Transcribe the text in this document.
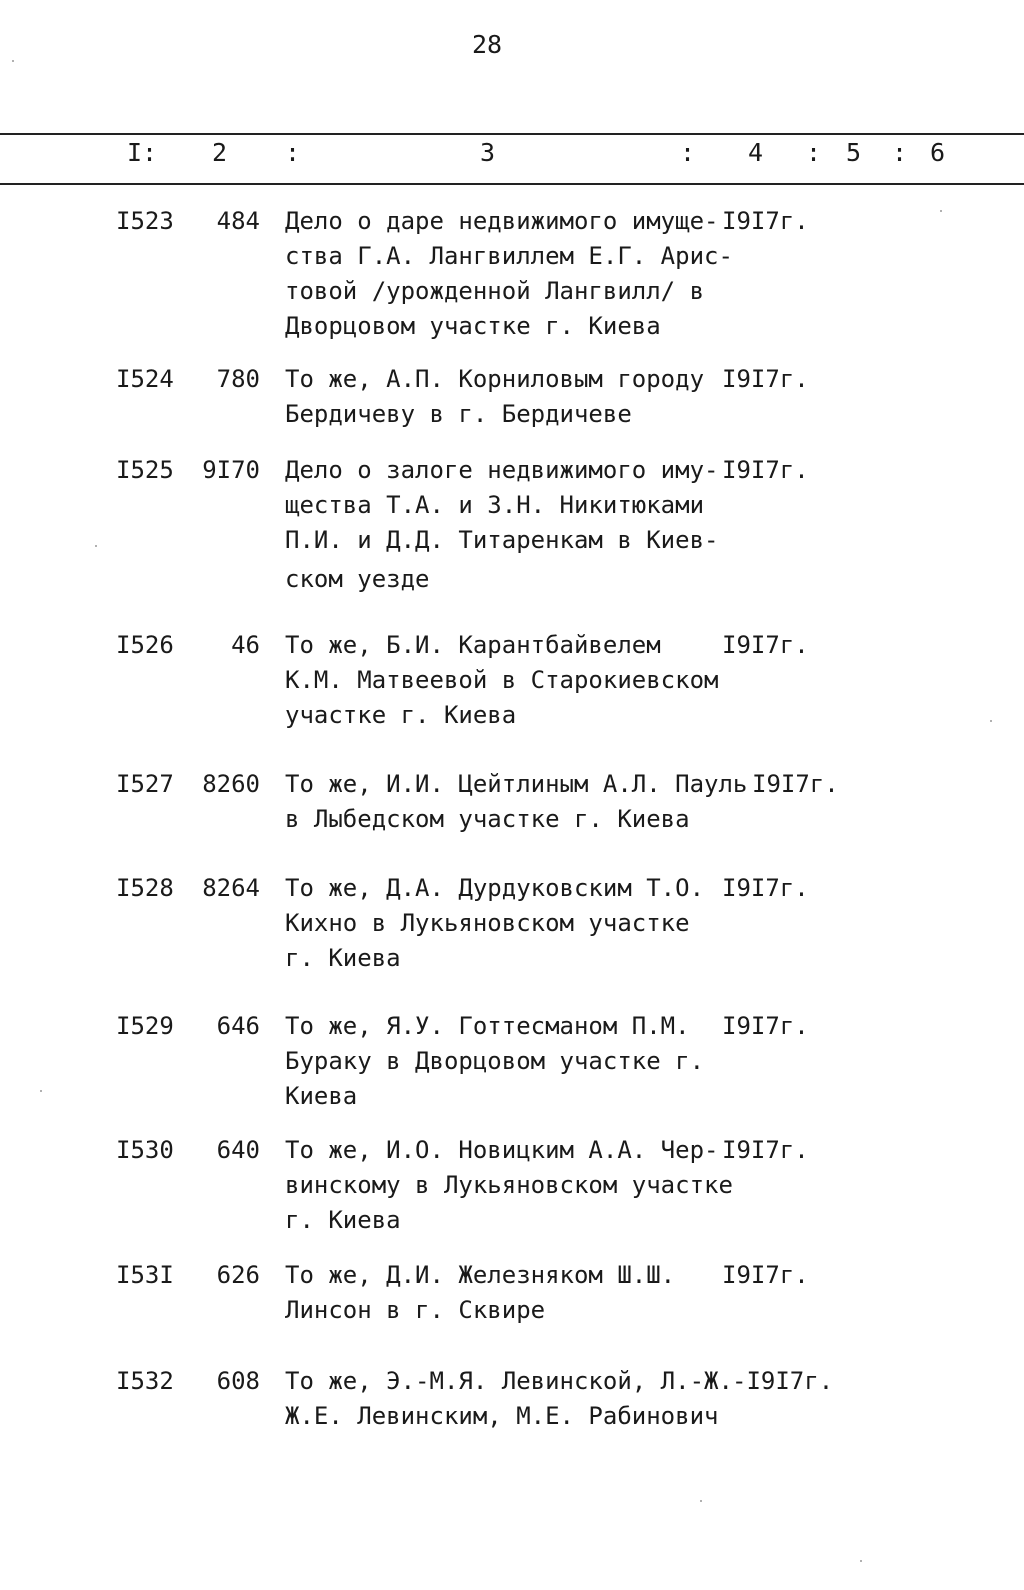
28
I: 2 :	3	: 4 : 5 : 6
I523 484 Дело о даре недвижимого имуще-
ства Г.А. Лангвиллем Е.Г. Арис-
товой /урожденной Лангвилл/ в
Дворцовом участке г. Киева
I9I7г.
I524 780 То же, А.П. Корниловым городу
Бердичеву в г. Бердичеве
I9I7г.
I525 9I70 Дело о залоге недвижимого иму-
щества Т.А. и З.Н. Никитюками
П.И. и Д.Д. Титаренкам в Киев-
ском уезде
I9I7г.
I526 46 То же, Б.И. Карантбайвелем
К.М. Матвеевой в Старокиевском
участке г. Киева
I9I7г.
I527 8260 То же, И.И. Цейтлиным А.Л. Пауль
в Лыбедском участке г. Киева
I9I7г.
I528 8264 То же, Д.А. Дурдуковским Т.О.
Кихно в Лукьяновском участке
г. Киева
I9I7г.
I529 646 То же, Я.У. Готтесманом П.М.
Бураку в Дворцовом участке г.
Киева
I9I7г.
I530 640 То же, И.О. Новицким А.А. Чер-
винскому в Лукьяновском участке
г. Киева
I9I7г.
I53I 626 То же, Д.И. Железняком Ш.Ш.
Линсон в г. Сквире
I9I7г.
I532 608 То же, Э.-М.Я. Левинской, Л.-Ж.
Ж.Е. Левинским, М.Е. Рабинович
-I9I7г.
